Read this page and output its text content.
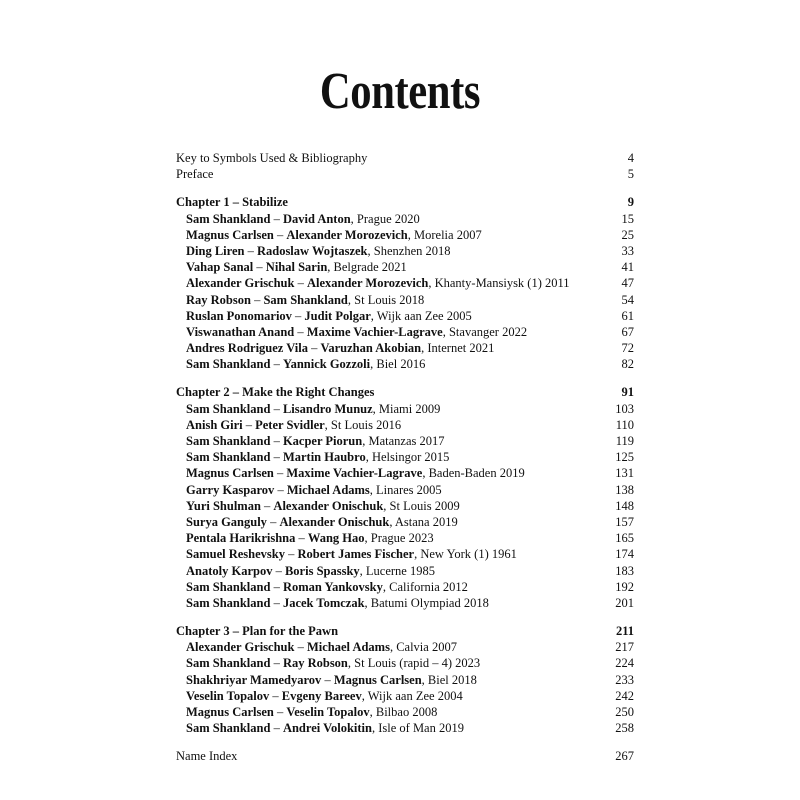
Contents
Key to Symbols Used & Bibliography	4
Preface	5
Chapter 1 – Stabilize	9
Sam Shankland – David Anton, Prague 2020	15
Magnus Carlsen – Alexander Morozevich, Morelia 2007	25
Ding Liren – Radoslaw Wojtaszek, Shenzhen 2018	33
Vahap Sanal – Nihal Sarin, Belgrade 2021	41
Alexander Grischuk – Alexander Morozevich, Khanty-Mansiysk (1) 2011	47
Ray Robson – Sam Shankland, St Louis 2018	54
Ruslan Ponomariov – Judit Polgar, Wijk aan Zee 2005	61
Viswanathan Anand – Maxime Vachier-Lagrave, Stavanger 2022	67
Andres Rodriguez Vila – Varuzhan Akobian, Internet 2021	72
Sam Shankland – Yannick Gozzoli, Biel 2016	82
Chapter 2 – Make the Right Changes	91
Sam Shankland – Lisandro Munuz, Miami 2009	103
Anish Giri – Peter Svidler, St Louis 2016	110
Sam Shankland – Kacper Piorun, Matanzas 2017	119
Sam Shankland – Martin Haubro, Helsingor 2015	125
Magnus Carlsen – Maxime Vachier-Lagrave, Baden-Baden 2019	131
Garry Kasparov – Michael Adams, Linares 2005	138
Yuri Shulman – Alexander Onischuk, St Louis 2009	148
Surya Ganguly – Alexander Onischuk, Astana 2019	157
Pentala Harikrishna – Wang Hao, Prague 2023	165
Samuel Reshevsky – Robert James Fischer, New York (1) 1961	174
Anatoly Karpov – Boris Spassky, Lucerne 1985	183
Sam Shankland – Roman Yankovsky, California 2012	192
Sam Shankland – Jacek Tomczak, Batumi Olympiad 2018	201
Chapter 3 – Plan for the Pawn	211
Alexander Grischuk – Michael Adams, Calvia 2007	217
Sam Shankland – Ray Robson, St Louis (rapid – 4) 2023	224
Shakhriyar Mamedyarov – Magnus Carlsen, Biel 2018	233
Veselin Topalov – Evgeny Bareev, Wijk aan Zee 2004	242
Magnus Carlsen – Veselin Topalov, Bilbao 2008	250
Sam Shankland – Andrei Volokitin, Isle of Man 2019	258
Name Index	267
